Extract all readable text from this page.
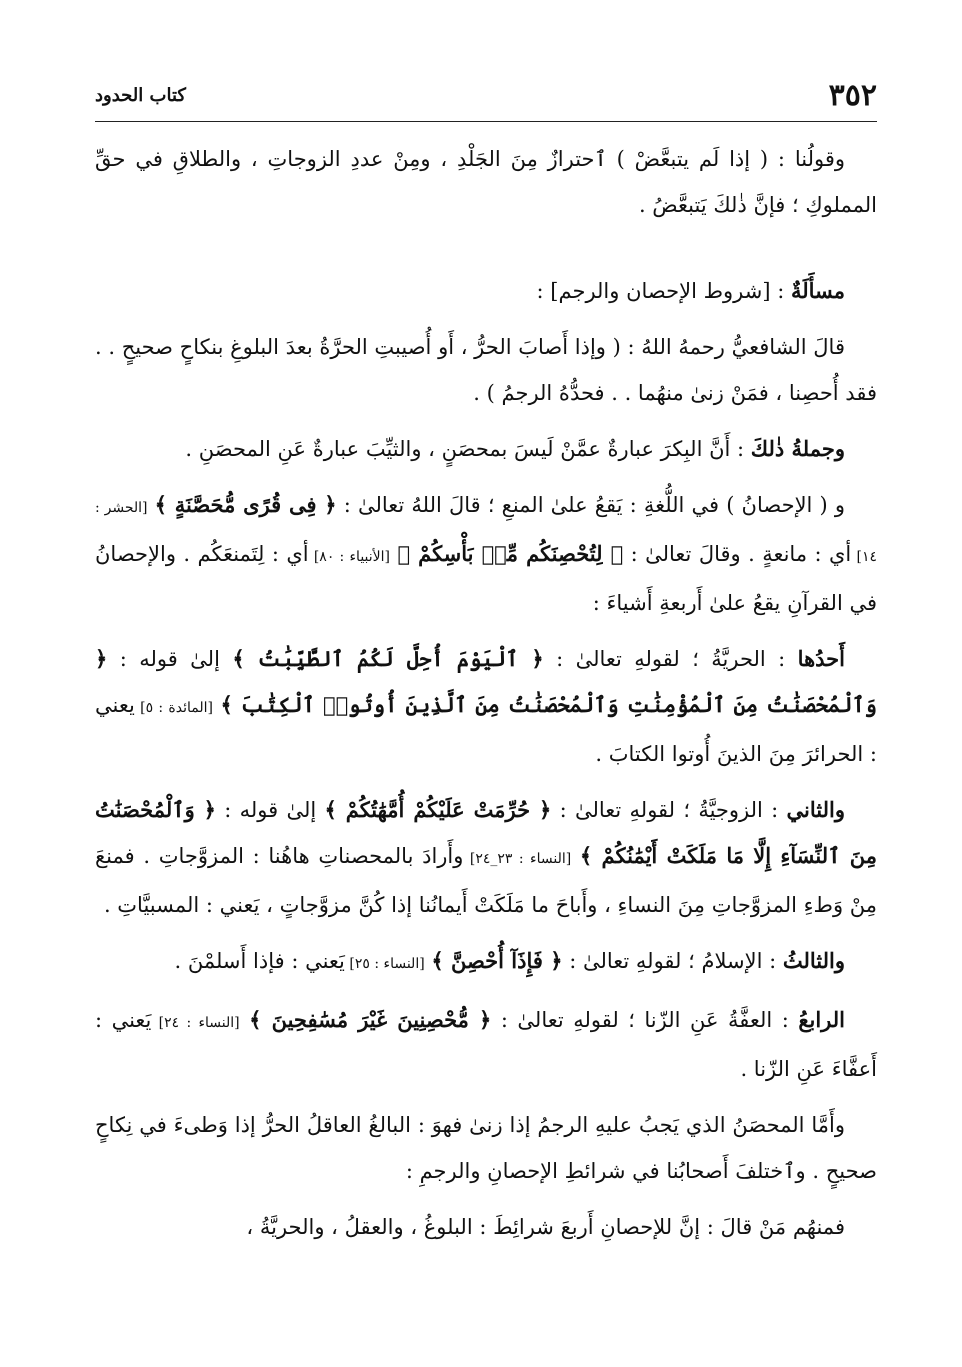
٣٥٢
كتاب الحدود

وقولُنا : ( إذا لَم يتبعَّضْ ) ٱحترازٌ مِنَ الجَلْدِ ، ومِنْ عددِ الزوجاتِ ، والطلاقِ في حقِّ المملوكِ ؛ فإنَّ ذٰلكَ يَتبعَّضُ .

مسأَلَةٌ : [شروط الإحصان والرجم] :

قالَ الشافعيُّ رحمهُ اللهُ : ( وإذا أَصابَ الحرُّ ، أَو أُصيبتِ الحرَّةُ بعدَ البلوغِ بنكاحٍ صحيحٍ . . فقد أُحصِنا ، فمَنْ زنىٰ منهُما . . فحدُّهُ الرجمُ ) .

وجملةُ ذٰلكَ : أَنَّ البِكرَ عبارةٌ عمَّنْ لَيسَ بمحصَنٍ ، والثيِّبَ عبارةٌ عَنِ المحصَنِ .

و ( الإحصانُ ) في اللُّغةِ : يَقعُ علىٰ المنعِ ؛ قالَ اللهُ تعالىٰ : ﴿ فِى قُرًى مُّحَصَّنَةٍ ﴾ [الحشر : ١٤] أي : مانعةٍ . وقالَ تعالىٰ : ﴿ لِتُحْصِنَكُم مِّنۢ بَأْسِكُمْ ﴾ [الأنبياء : ٨٠] أي : لِتَمنعَكُم . والإحصانُ في القرآنِ يقعُ علىٰ أَربعةِ أَشياءَ :

أَحدُها : الحريَّةُ ؛ لقولهِ تعالىٰ : ﴿ ٱلْيَوْمَ أُحِلَّ لَكُمُ ٱلطَّيِّبَٰتُ ﴾ إلىٰ قوله : ﴿ وَٱلْمُحْصَنَٰتُ مِنَ ٱلْمُؤْمِنَٰتِ وَٱلْمُحْصَنَٰتُ مِنَ ٱلَّذِينَ أُوتُوا۟ ٱلْكِتَٰبَ ﴾ [المائدة : ٥] يعني : الحرائرَ مِنَ الذينَ أُوتوا الكتابَ .

والثاني : الزوجيَّةُ ؛ لقولهِ تعالىٰ : ﴿ حُرِّمَتْ عَلَيْكُمْ أُمَّهَٰتُكُمْ ﴾ إلىٰ قوله : ﴿ وَٱلْمُحْصَنَٰتُ مِنَ ٱلنِّسَآءِ إِلَّا مَا مَلَكَتْ أَيْمَٰنُكُمْ ﴾ [النساء : ٢٣_٢٤] وأَرادَ بالمحصناتِ هاهُنا : المزوَّجاتِ . فمنعَ مِنْ وَطءِ المزوَّجاتِ مِنَ النساءِ ، وأَباحَ ما مَلَكَتْ أَيمانُنا إذا كُنَّ مزوَّجاتٍ ، يَعني : المسبيَّاتِ .

والثالثُ : الإسلامُ ؛ لقولهِ تعالىٰ : ﴿ فَإِذَآ أُحْصِنَّ ﴾ [النساء : ٢٥] يَعني : فإذا أَسلمْنَ .

الرابعُ : العفَّةُ عَنِ الزّنا ؛ لقولهِ تعالىٰ : ﴿ مُّحْصِنِينَ غَيْرَ مُسَٰفِحِينَ ﴾ [النساء : ٢٤] يَعني : أَعفَّاءَ عَنِ الزّنا .

وأَمَّا المحصَنُ الذي يَجبُ عليهِ الرجمُ إذا زنىٰ فهوَ : البالغُ العاقلُ الحرُّ إذا وَطىءَ في نِكاحٍ صحيحٍ . وٱختلفَ أَصحابُنا في شرائطِ الإحصانِ والرجمِ :

فمنهُم مَنْ قالَ : إنَّ للإحصانِ أَربعَ شرائِطَ : البلوغُ ، والعقلُ ، والحريَّةُ ،
